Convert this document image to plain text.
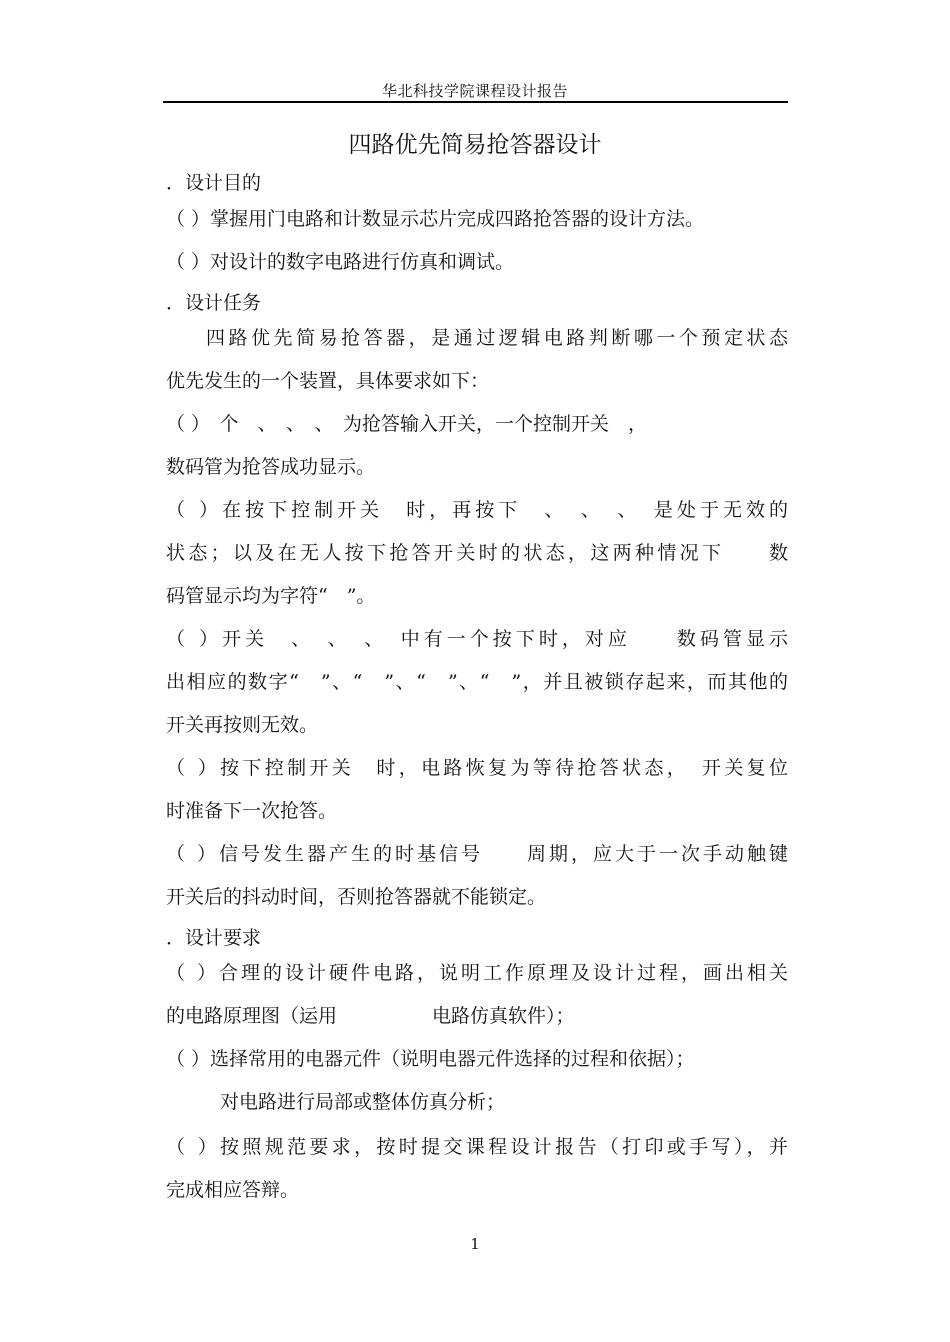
华北科技学院课程设计报告
四路优先简易抢答器设计
．设计目的
（ ）掌握用门电路和计数显示芯片完成四路抢答器的设计方法。
（ ）对设计的数字电路进行仿真和调试。
．设计任务
四路优先简易抢答器，是通过逻辑电路判断哪一个预定状态
优先发生的一个装置，具体要求如下：
（ ）　个　、　、　、　为抢答输入开关，一个控制开关　，
数码管为抢答成功显示。
（ ）在按下控制开关　时，再按下　、　、　、　是处于无效的
状态；以及在无人按下抢答开关时的状态，这两种情况下　　数
码管显示均为字符“　”。
（ ）开关　、　、　、　中有一个按下时，对应　　数码管显示
出相应的数字“　”、“　”、“　”、“　”，并且被锁存起来，而其他的
开关再按则无效。
（ ）按下控制开关　时，电路恢复为等待抢答状态，　开关复位
时准备下一次抢答。
（ ）信号发生器产生的时基信号　　周期，应大于一次手动触键
开关后的抖动时间，否则抢答器就不能锁定。
．设计要求
（ ）合理的设计硬件电路，说明工作原理及设计过程，画出相关
的电路原理图（运用　　　　　电路仿真软件）；
（ ）选择常用的电器元件（说明电器元件选择的过程和依据）；
对电路进行局部或整体仿真分析；
（ ）按照规范要求，按时提交课程设计报告（打印或手写），并
完成相应答辩。
1
